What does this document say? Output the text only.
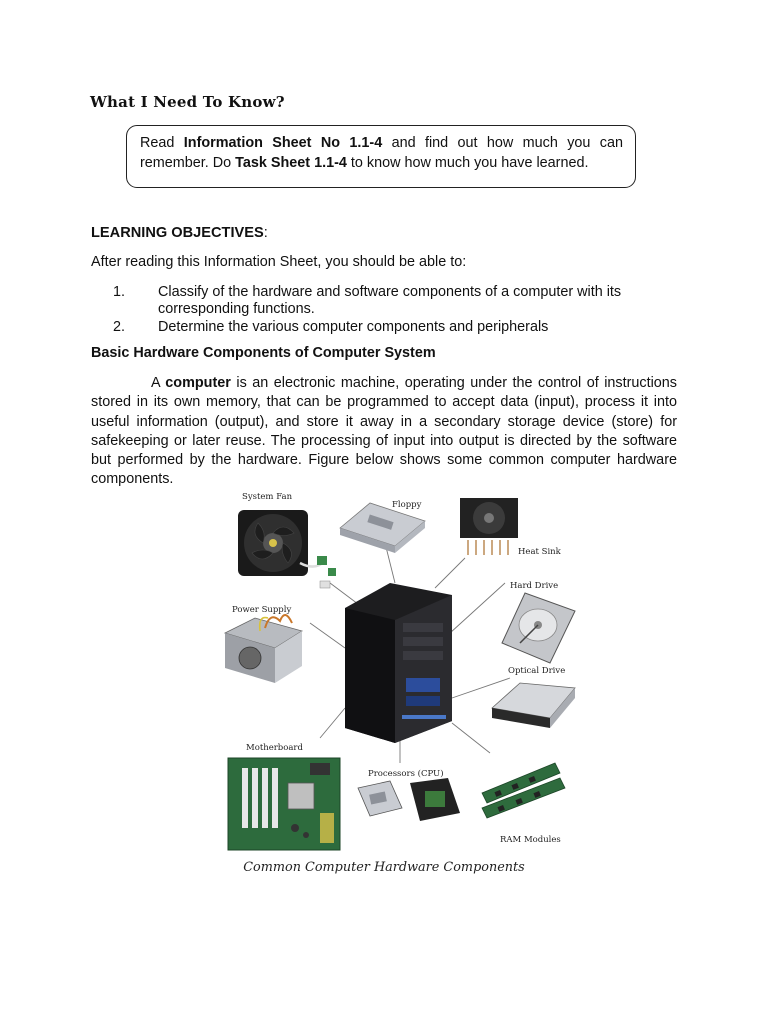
What I Need To Know?

Read Information Sheet No 1.1-4 and find out how much you can remember. Do Task Sheet 1.1-4 to know how much you have learned.

LEARNING OBJECTIVES:
After reading this Information Sheet, you should be able to:
1. Classify of the hardware and software components of a computer with its corresponding functions.
2. Determine the various computer components and peripherals
Basic Hardware Components of Computer System

A computer is an electronic machine, operating under the control of instructions stored in its own memory, that can be programmed to accept data (input), process it into useful information (output), and store it away in a secondary storage device (store) for safekeeping or later reuse. The processing of input into output is directed by the software but performed by the hardware. Figure below shows some common computer hardware components.

System Fan
Floppy
Heat Sink
Hard Drive
Optical Drive
Power Supply
Motherboard
Processors (CPU)
RAM Modules
Common Computer Hardware Components
